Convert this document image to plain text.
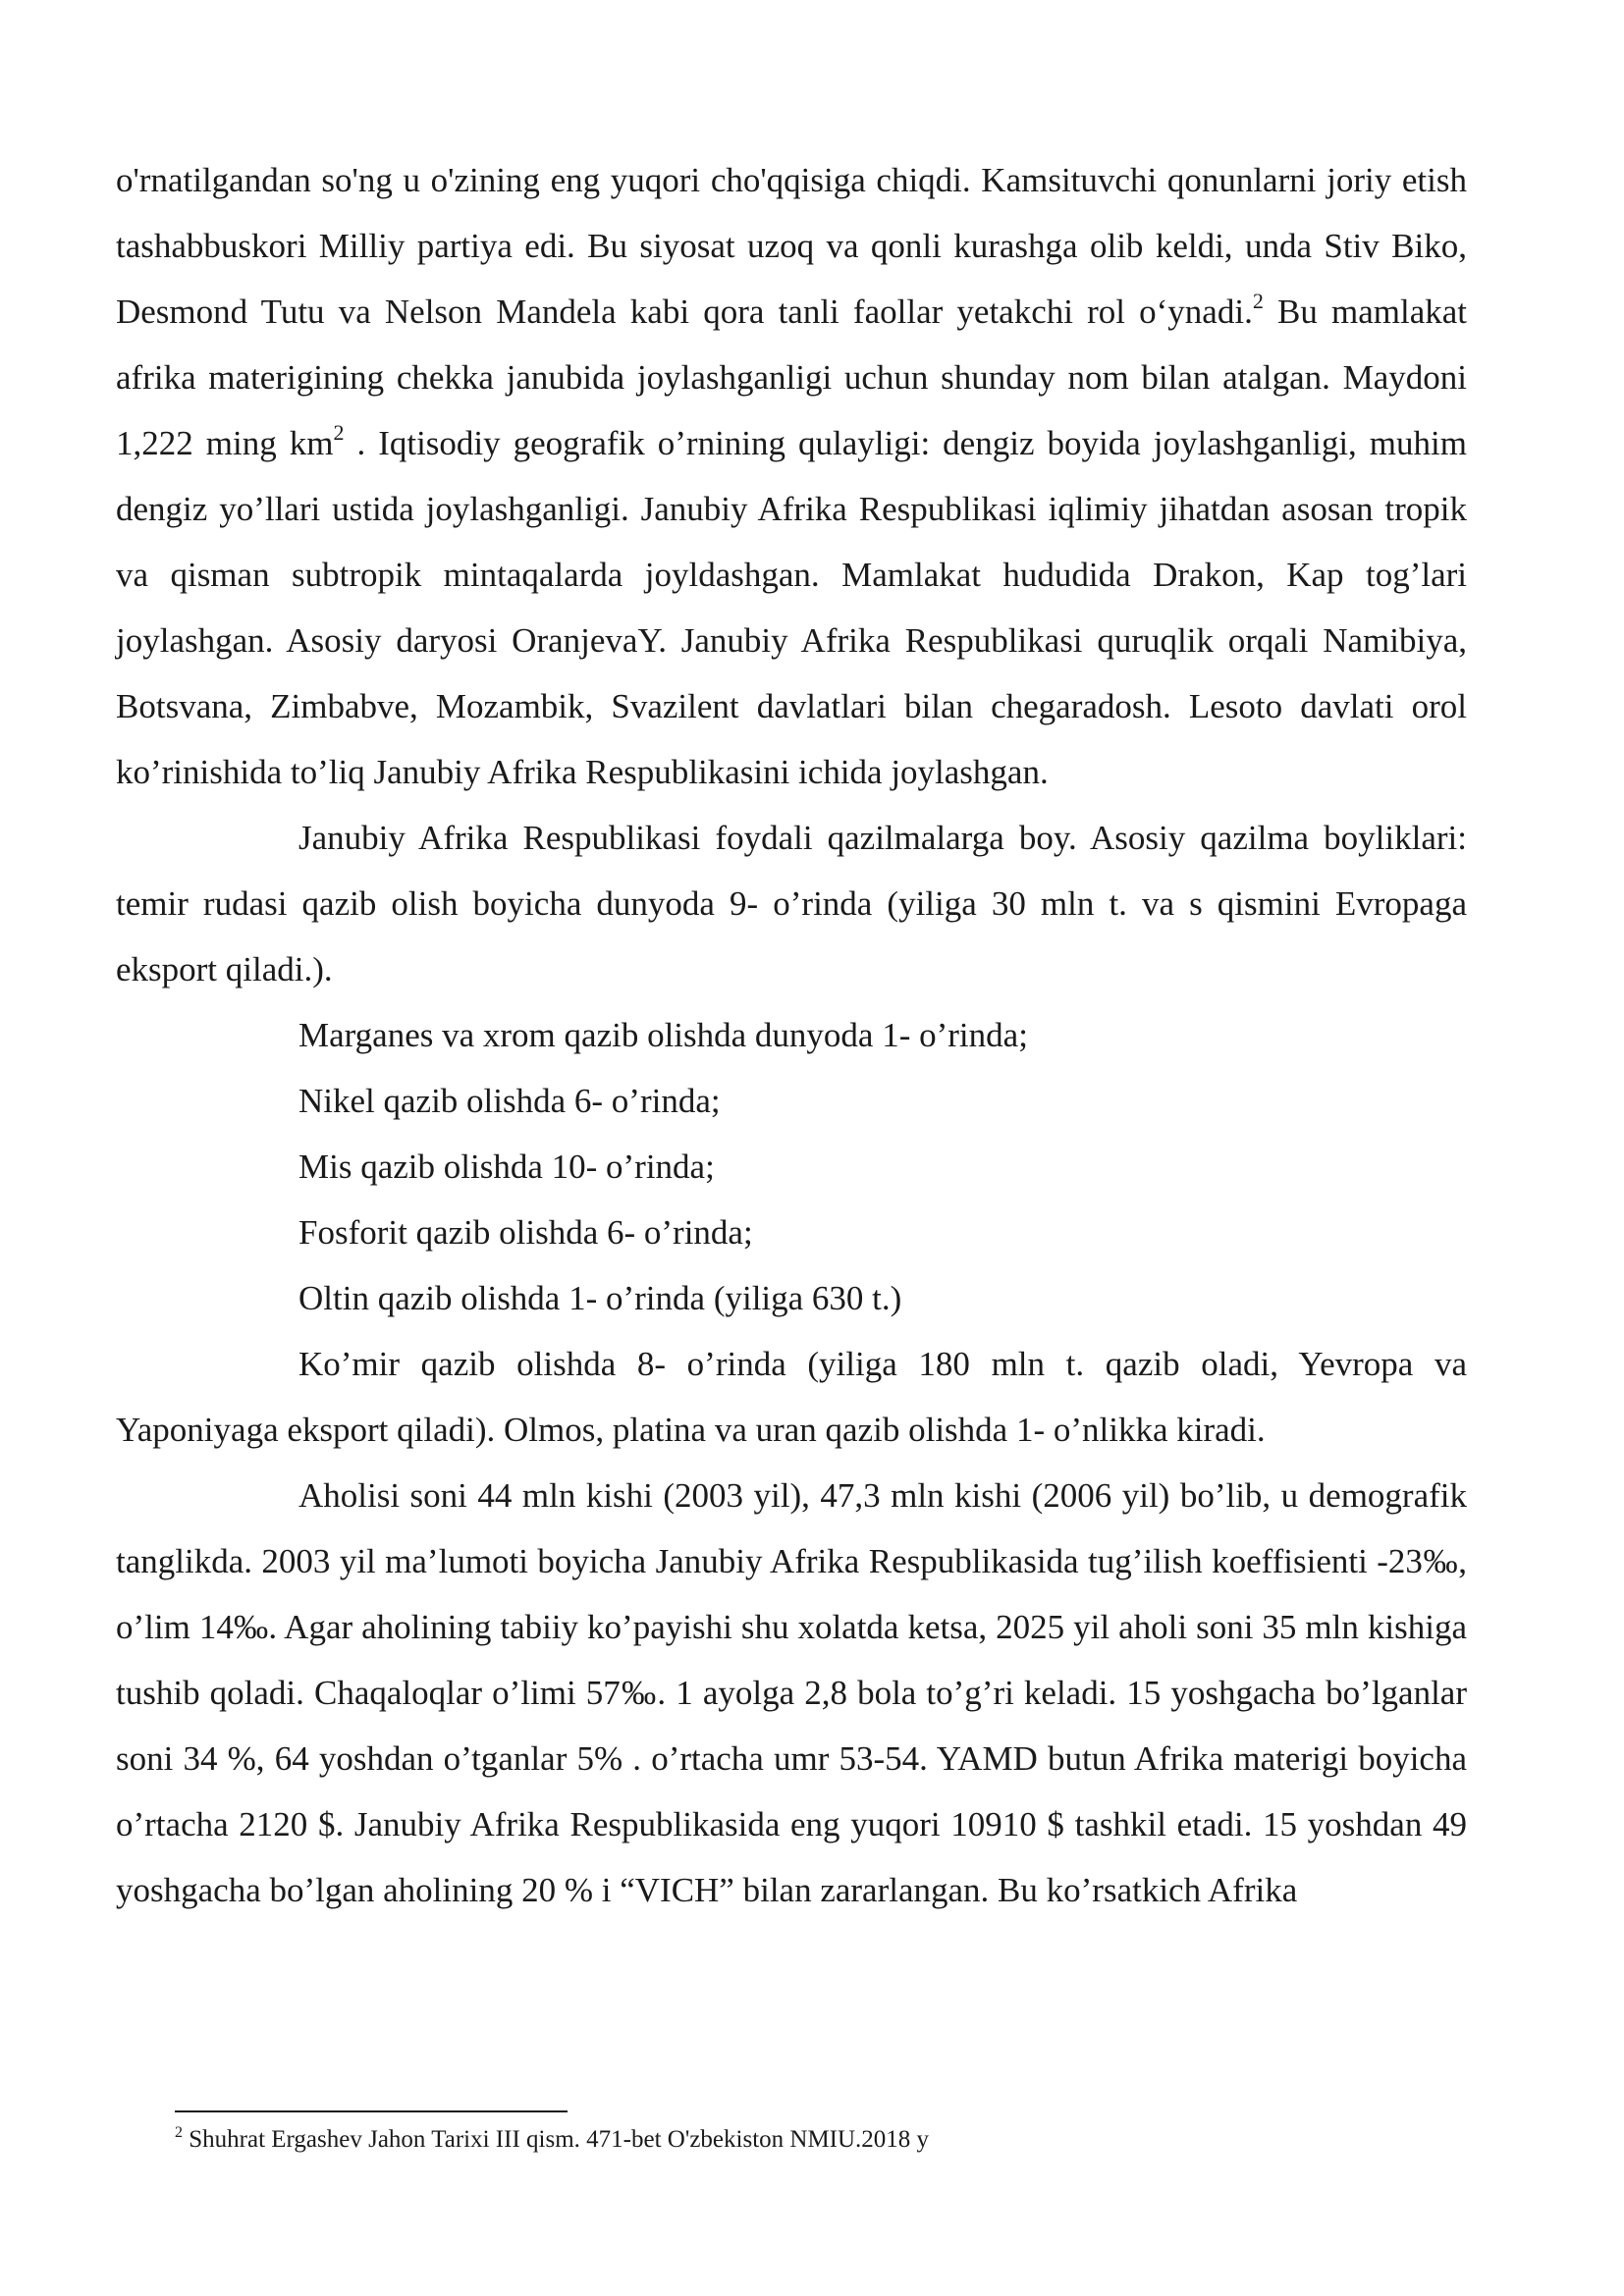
o'rnatilgandan so'ng u o'zining eng yuqori cho'qqisiga chiqdi. Kamsituvchi qonunlarni joriy etish tashabbuskori Milliy partiya edi. Bu siyosat uzoq va qonli kurashga olib keldi, unda Stiv Biko, Desmond Tutu va Nelson Mandela kabi qora tanli faollar yetakchi rol o‘ynadi.$^2$ Bu mamlakat afrika materigining chekka janubida joylashganligi uchun shunday nom bilan atalgan. Maydoni 1,222 ming $km^2$ . Iqtisodiy geografik o’rnining qulayligi: dengiz boyida joylashganligi, muhim dengiz yo’llari ustida joylashganligi. Janubiy Afrika Respublikasi iqlimiy jihatdan asosan tropik va qisman subtropik mintaqalarda joyldashgan. Mamlakat hududida Drakon, Kap tog’lari joylashgan. Asosiy daryosi OranjevaY. Janubiy Afrika Respublikasi quruqlik orqali Namibiya, Botsvana, Zimbabve, Mozambik, Svazilent davlatlari bilan chegaradosh. Lesoto davlati orol ko’rinishida to’liq Janubiy Afrika Respublikasini ichida joylashgan.

Janubiy Afrika Respublikasi foydali qazilmalarga boy. Asosiy qazilma boyliklari: temir rudasi qazib olish boyicha dunyoda 9- o’rinda (yiliga 30 mln t. va s qismini Evropaga eksport qiladi.).

Marganes va xrom qazib olishda dunyoda 1- o’rinda;
Nikel qazib olishda 6- o’rinda;
Mis qazib olishda 10- o’rinda;
Fosforit qazib olishda 6- o’rinda;
Oltin qazib olishda 1- o’rinda (yiliga 630 t.)

Ko’mir qazib olishda 8- o’rinda (yiliga 180 mln t. qazib oladi, Yevropa va Yaponiyaga eksport qiladi). Olmos, platina va uran qazib olishda 1- o’nlikka kiradi.

Aholisi soni 44 mln kishi (2003 yil), 47,3 mln kishi (2006 yil) bo’lib, u demografik tanglikda. 2003 yil ma’lumoti boyicha Janubiy Afrika Respublikasida tug’ilish koeffisienti -23‰, o’lim 14‰. Agar aholining tabiiy ko’payishi shu xolatda ketsa, 2025 yil aholi soni 35 mln kishiga tushib qoladi. Chaqaloqlar o’limi 57‰. 1 ayolga 2,8 bola to’g’ri keladi. 15 yoshgacha bo’lganlar soni 34 %, 64 yoshdan o’tganlar 5% . o’rtacha umr 53-54. YAMD butun Afrika materigi boyicha o’rtacha 2120 $. Janubiy Afrika Respublikasida eng yuqori 10910 $ tashkil etadi. 15 yoshdan 49 yoshgacha bo’lgan aholining 20 % i “VICH” bilan zararlangan. Bu ko’rsatkich Afrika

$^2$ Shuhrat Ergashev Jahon Tarixi III qism. 471-bet O'zbekiston NMIU.2018 y
